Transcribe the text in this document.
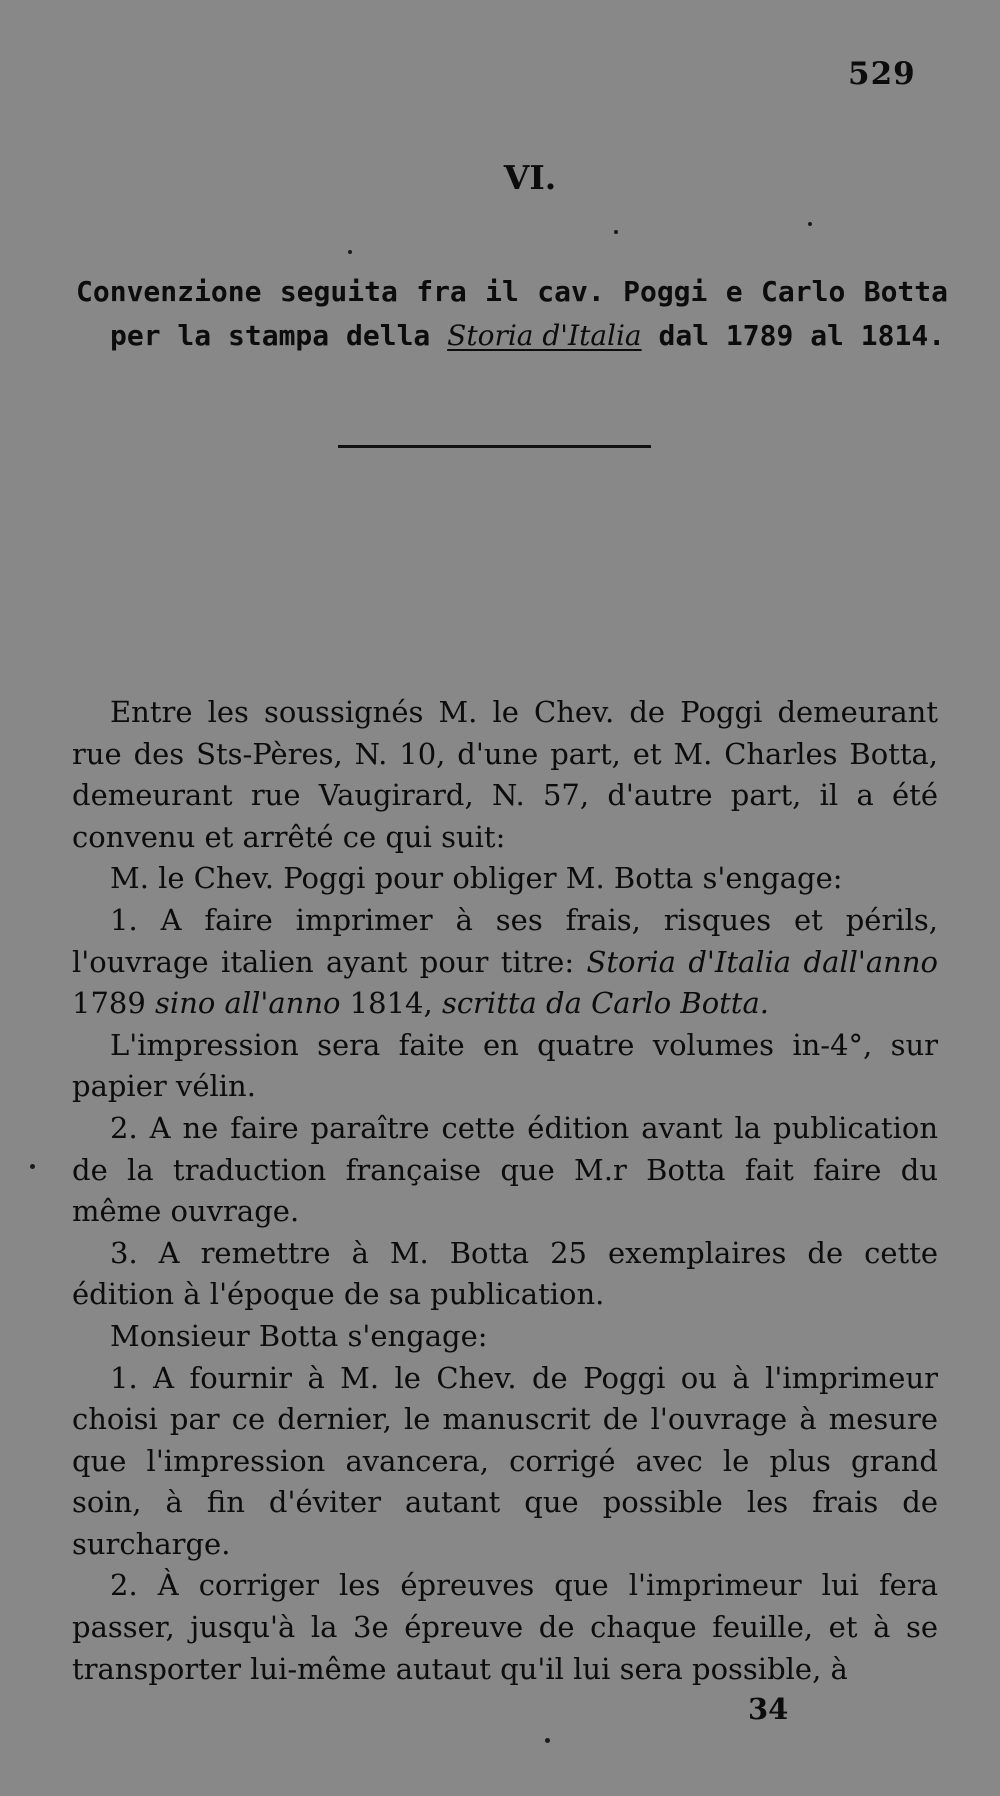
529
VI.
Convenzione seguita fra il cav. Poggi e Carlo Botta
per la stampa della Storia d'Italia dal 1789 al 1814.

Entre les soussignés M. le Chev. de Poggi demeurant rue des Sts-Pères, N. 10, d'une part, et M. Charles Botta, demeurant rue Vaugirard, N. 57, d'autre part, il a été convenu et arrêté ce qui suit:

M. le Chev. Poggi pour obliger M. Botta s'engage:

1. A faire imprimer à ses frais, risques et périls, l'ouvrage italien ayant pour titre: Storia d'Italia dall'anno 1789 sino all'anno 1814, scritta da Carlo Botta.

L'impression sera faite en quatre volumes in-4°, sur papier vélin.

2. A ne faire paraître cette édition avant la publication de la traduction française que M.r Botta fait faire du même ouvrage.

3. A remettre à M. Botta 25 exemplaires de cette édition à l'époque de sa publication.

Monsieur Botta s'engage:

1. A fournir à M. le Chev. de Poggi ou à l'imprimeur choisi par ce dernier, le manuscrit de l'ouvrage à mesure que l'impression avancera, corrigé avec le plus grand soin, à fin d'éviter autant que possible les frais de surcharge.

2. À corriger les épreuves que l'imprimeur lui fera passer, jusqu'à la 3e épreuve de chaque feuille, et à se transporter lui-même autaut qu'il lui sera possible, à

34
